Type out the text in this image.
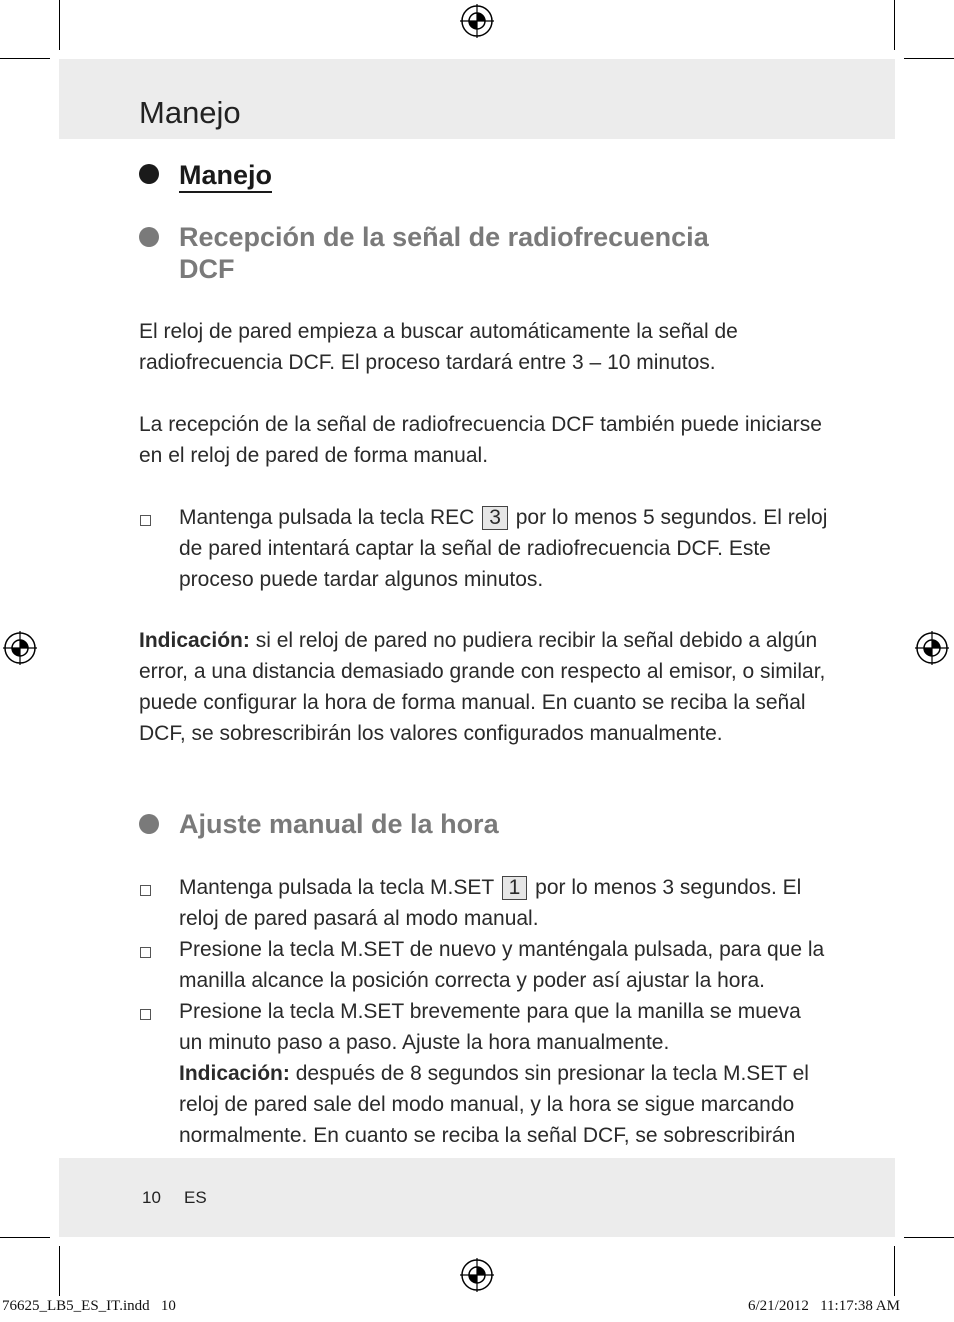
Manejo
Manejo
Recepción de la señal de radiofrecuencia
DCF
El reloj de pared empieza a buscar automáticamente la señal de radiofrecuencia DCF. El proceso tardará entre 3 – 10 minutos.
La recepción de la señal de radiofrecuencia DCF también puede iniciarse en el reloj de pared de forma manual.
Mantenga pulsada la tecla REC 3 por lo menos 5 segundos. El reloj de pared intentará captar la señal de radiofrecuencia DCF. Este proceso puede tardar algunos minutos.
Indicación: si el reloj de pared no pudiera recibir la señal debido a algún error, a una distancia demasiado grande con respecto al emisor, o similar, puede configurar la hora de forma manual. En cuanto se reciba la señal DCF, se sobrescribirán los valores configurados manualmente.
Ajuste manual de la hora
Mantenga pulsada la tecla M.SET 1 por lo menos 3 segundos. El reloj de pared pasará al modo manual.
Presione la tecla M.SET de nuevo y manténgala pulsada, para que la manilla alcance la posición correcta y poder así ajustar la hora.
Presione la tecla M.SET brevemente para que la manilla se mueva un minuto paso a paso. Ajuste la hora manualmente.
Indicación: después de 8 segundos sin presionar la tecla M.SET el reloj de pared sale del modo manual, y la hora se sigue marcando normalmente. En cuanto se reciba la señal DCF, se sobrescribirán
10 ES
76625_LB5_ES_IT.indd   10	6/21/2012   11:17:38 AM
